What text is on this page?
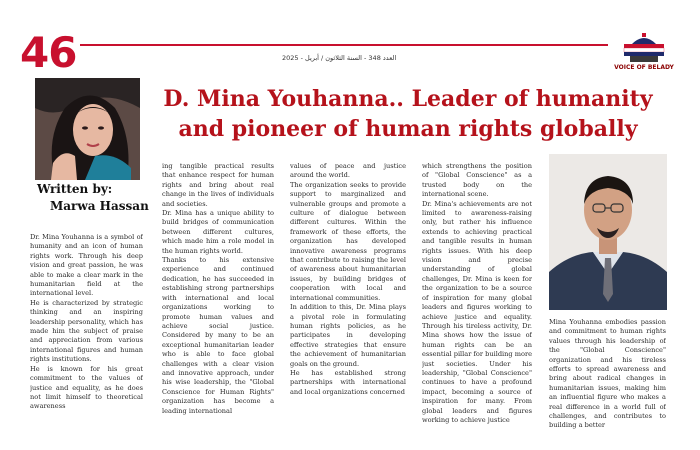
46	العدد 348 - السنة الثلاثون / أبريل - 2025
VOICE OF BELADY
D. Mina Youhanna.. Leader of humanity
and pioneer of human rights globally
Written by:
Marwa Hassan

Dr. Mina Youhanna is a symbol of humanity and an icon of human rights work. Through his deep vision and great passion, he was able to make a clear mark in the humanitarian field at the international level.

He is characterized by strategic thinking and an inspiring leadership personality, which has made him the subject of praise and appreciation from various international figures and human rights institutions.

He is known for his great commitment to the values of justice and equality, as he does not limit himself to theoretical awareness

ing tangible practical results that enhance respect for human rights and bring about real change in the lives of individuals and societies.

Dr. Mina has a unique ability to build bridges of communication between different cultures, which made him a role model in the human rights world.

Thanks to his extensive experience and continued dedication, he has succeeded in establishing strong partnerships with international and local organizations working to promote human values and achieve social justice. Considered by many to be an exceptional humanitarian leader who is able to face global challenges with a clear vision and innovative approach, under his wise leadership, the "Global Conscience for Human Rights" organization has become a leading international

values of peace and justice around the world.

The organization seeks to provide support to marginalized and vulnerable groups and promote a culture of dialogue between different cultures. Within the framework of these efforts, the organization has developed innovative awareness programs that contribute to raising the level of awareness about humanitarian issues, by building bridges of cooperation with local and international communities.

In addition to this, Dr. Mina plays a pivotal role in formulating human rights policies, as he participates in developing effective strategies that ensure the achievement of humanitarian goals on the ground.

He has established strong partnerships with international and local organizations concerned

which strengthens the position of "Global Conscience" as a trusted body on the international scene.

Dr. Mina's achievements are not limited to awareness-raising only, but rather his influence extends to achieving practical and tangible results in human rights issues. With his deep vision and precise understanding of global challenges, Dr. Mina is keen for the organization to be a source of inspiration for many global leaders and figures working to achieve justice and equality. Through his tireless activity, Dr. Mina shows how the issue of human rights can be an essential pillar for building more just societies. Under his leadership, "Global Conscience" continues to have a profound impact, becoming a source of inspiration for many. From global leaders and figures working to achieve justice

Mina Youhanna embodies passion and commitment to human rights values through his leadership of the "Global Conscience" organization and his tireless efforts to spread awareness and bring about radical changes in humanitarian issues, making him an influential figure who makes a real difference in a world full of challenges, and contributes to building a better
